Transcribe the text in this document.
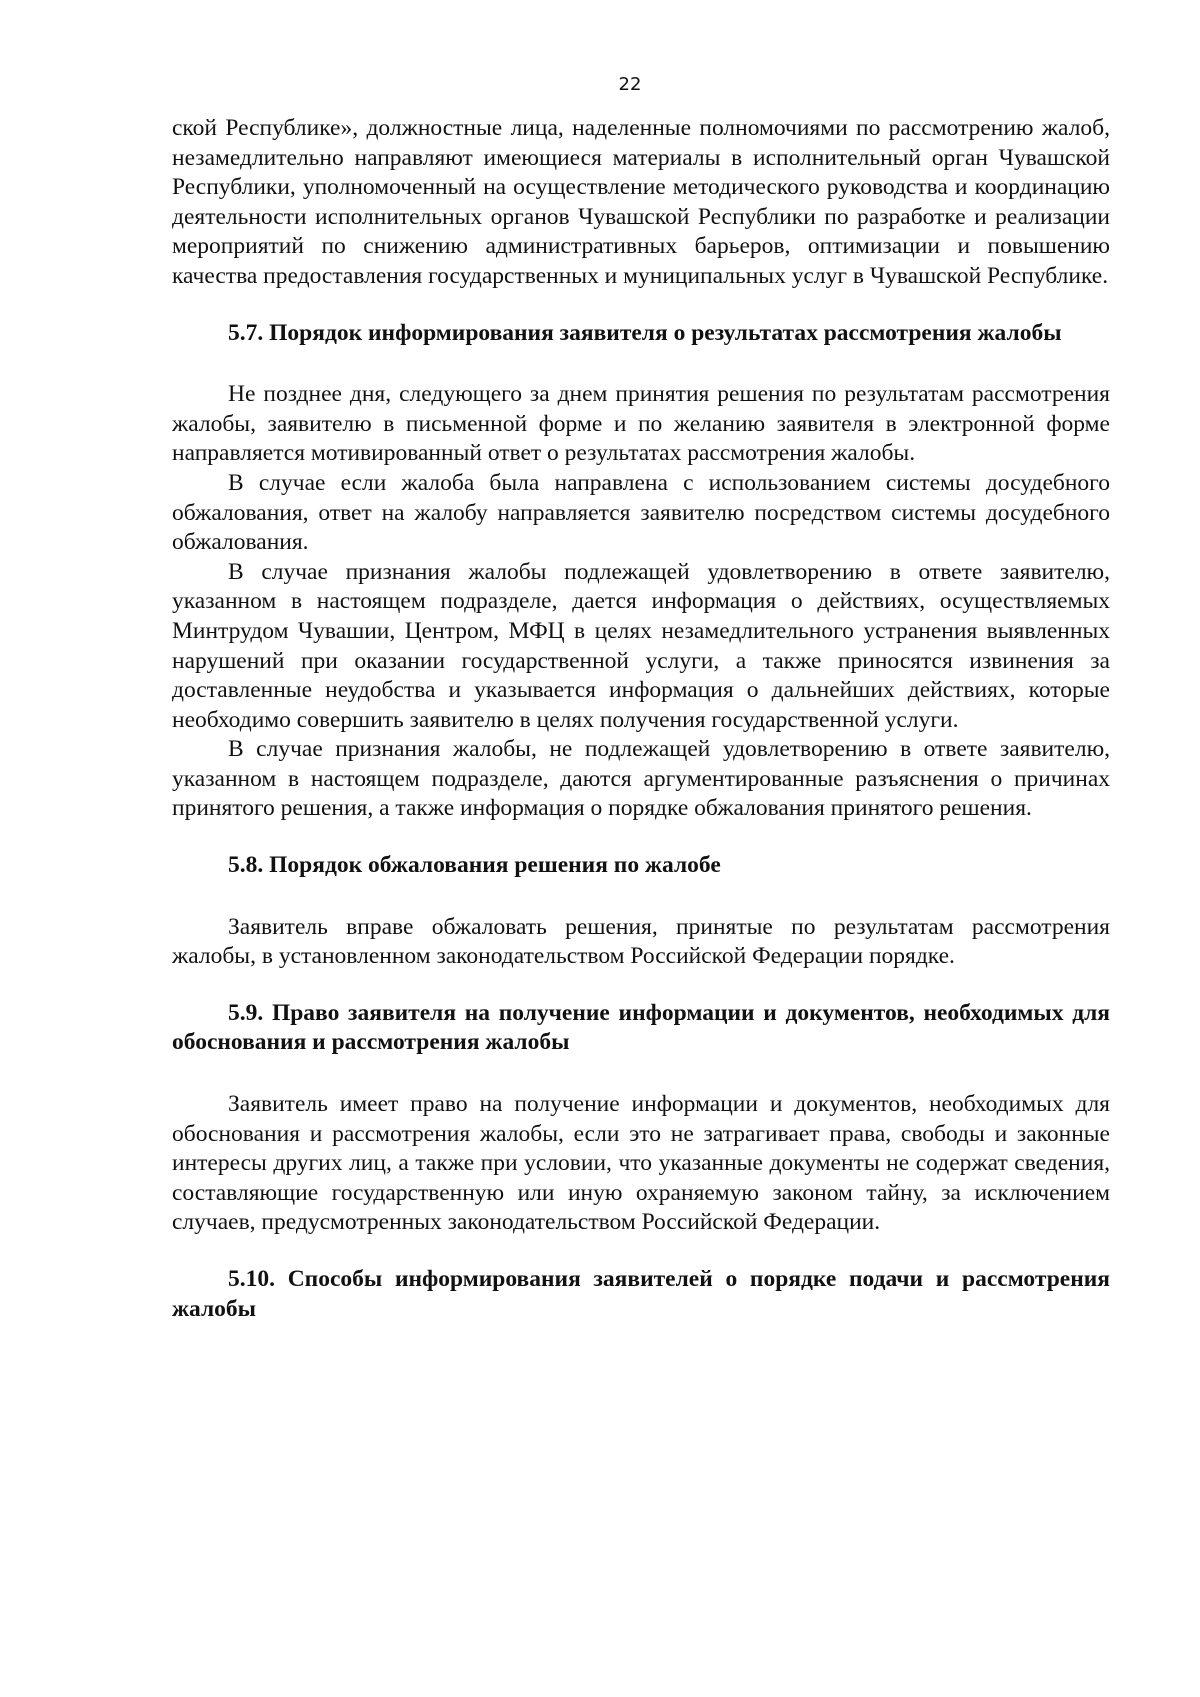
22

ской Республике», должностные лица, наделенные полномочиями по рассмотрению жалоб, незамедлительно направляют имеющиеся материалы в исполнительный орган Чувашской Республики, уполномоченный на осуществление методического руководства и координацию деятельности исполнительных органов Чувашской Республики по разработке и реализации мероприятий по снижению административных барьеров, оптимизации и повышению качества предоставления государственных и муниципальных услуг в Чувашской Республике.

5.7. Порядок информирования заявителя о результатах рассмотрения жалобы

Не позднее дня, следующего за днем принятия решения по результатам рассмотрения жалобы, заявителю в письменной форме и по желанию заявителя в электронной форме направляется мотивированный ответ о результатах рассмотрения жалобы.

В случае если жалоба была направлена с использованием системы досудебного обжалования, ответ на жалобу направляется заявителю посредством системы досудебного обжалования.

В случае признания жалобы подлежащей удовлетворению в ответе заявителю, указанном в настоящем подразделе, дается информация о действиях, осуществляемых Минтрудом Чувашии, Центром, МФЦ в целях незамедлительного устранения выявленных нарушений при оказании государственной услуги, а также приносятся извинения за доставленные неудобства и указывается информация о дальнейших действиях, которые необходимо совершить заявителю в целях получения государственной услуги.

В случае признания жалобы, не подлежащей удовлетворению в ответе заявителю, указанном в настоящем подразделе, даются аргументированные разъяснения о причинах принятого решения, а также информация о порядке обжалования принятого решения.

5.8. Порядок обжалования решения по жалобе

Заявитель вправе обжаловать решения, принятые по результатам рассмотрения жалобы, в установленном законодательством Российской Федерации порядке.

5.9. Право заявителя на получение информации и документов, необходимых для обоснования и рассмотрения жалобы

Заявитель имеет право на получение информации и документов, необходимых для обоснования и рассмотрения жалобы, если это не затрагивает права, свободы и законные интересы других лиц, а также при условии, что указанные документы не содержат сведения, составляющие государственную или иную охраняемую законом тайну, за исключением случаев, предусмотренных законодательством Российской Федерации.

5.10. Способы информирования заявителей о порядке подачи и рассмотрения жалобы
